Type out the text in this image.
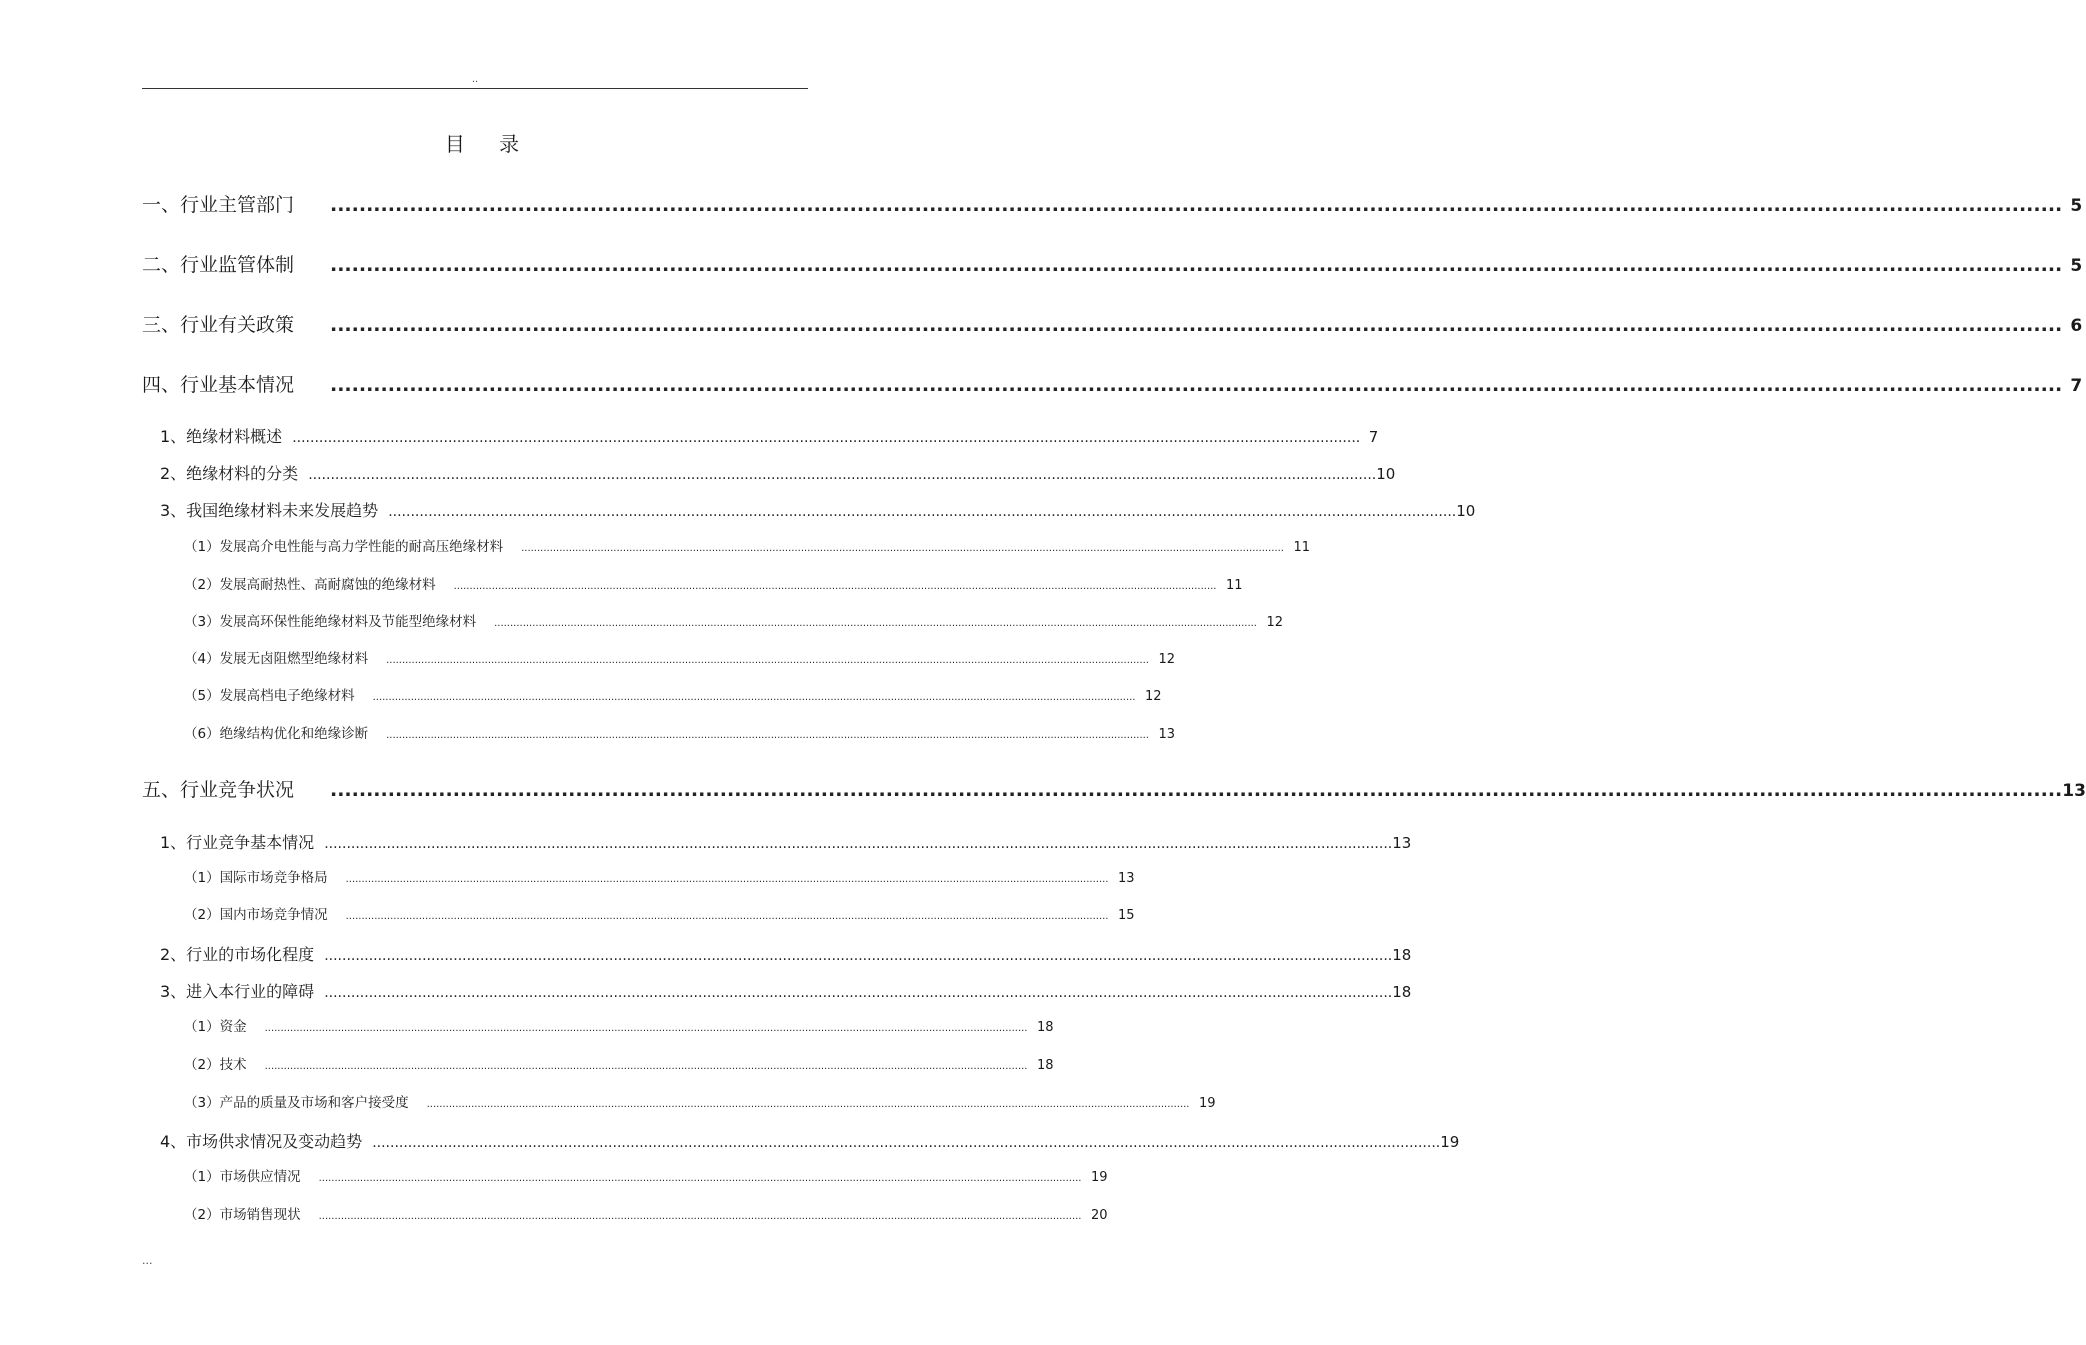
..
目 录
一、行业主管部门	................................................................................................................................................................................................................................................ 5
二、行业监管体制	................................................................................................................................................................................................................................................ 5
三、行业有关政策	................................................................................................................................................................................................................................................ 6
四、行业基本情况	................................................................................................................................................................................................................................................ 7
1、绝缘材料概述 ................................................................................................................................................................................................................................................ 7
2、绝缘材料的分类 ................................................................................................................................................................................................................................................ 10
3、我国绝缘材料未来发展趋势 ................................................................................................................................................................................................................................................ 10
（1）发展高介电性能与高力学性能的耐高压绝缘材料 ................................................................................................................................................................................................................................................ 11
（2）发展高耐热性、高耐腐蚀的绝缘材料 ................................................................................................................................................................................................................................................ 11
（3）发展高环保性能绝缘材料及节能型绝缘材料 ................................................................................................................................................................................................................................................ 12
（4）发展无卤阻燃型绝缘材料 ................................................................................................................................................................................................................................................ 12
（5）发展高档电子绝缘材料 ................................................................................................................................................................................................................................................ 12
（6）绝缘结构优化和绝缘诊断 ................................................................................................................................................................................................................................................ 13
五、行业竞争状况	................................................................................................................................................................................................................................................ 13
1、行业竞争基本情况 ................................................................................................................................................................................................................................................ 13
（1）国际市场竞争格局 ................................................................................................................................................................................................................................................ 13
（2）国内市场竞争情况 ................................................................................................................................................................................................................................................ 15
2、行业的市场化程度 ................................................................................................................................................................................................................................................ 18
3、进入本行业的障碍 ................................................................................................................................................................................................................................................ 18
（1）资金 ................................................................................................................................................................................................................................................ 18
（2）技术 ................................................................................................................................................................................................................................................ 18
（3）产品的质量及市场和客户接受度 ................................................................................................................................................................................................................................................ 19
4、市场供求情况及变动趋势 ................................................................................................................................................................................................................................................ 19
（1）市场供应情况 ................................................................................................................................................................................................................................................ 19
（2）市场销售现状 ................................................................................................................................................................................................................................................ 20
...
